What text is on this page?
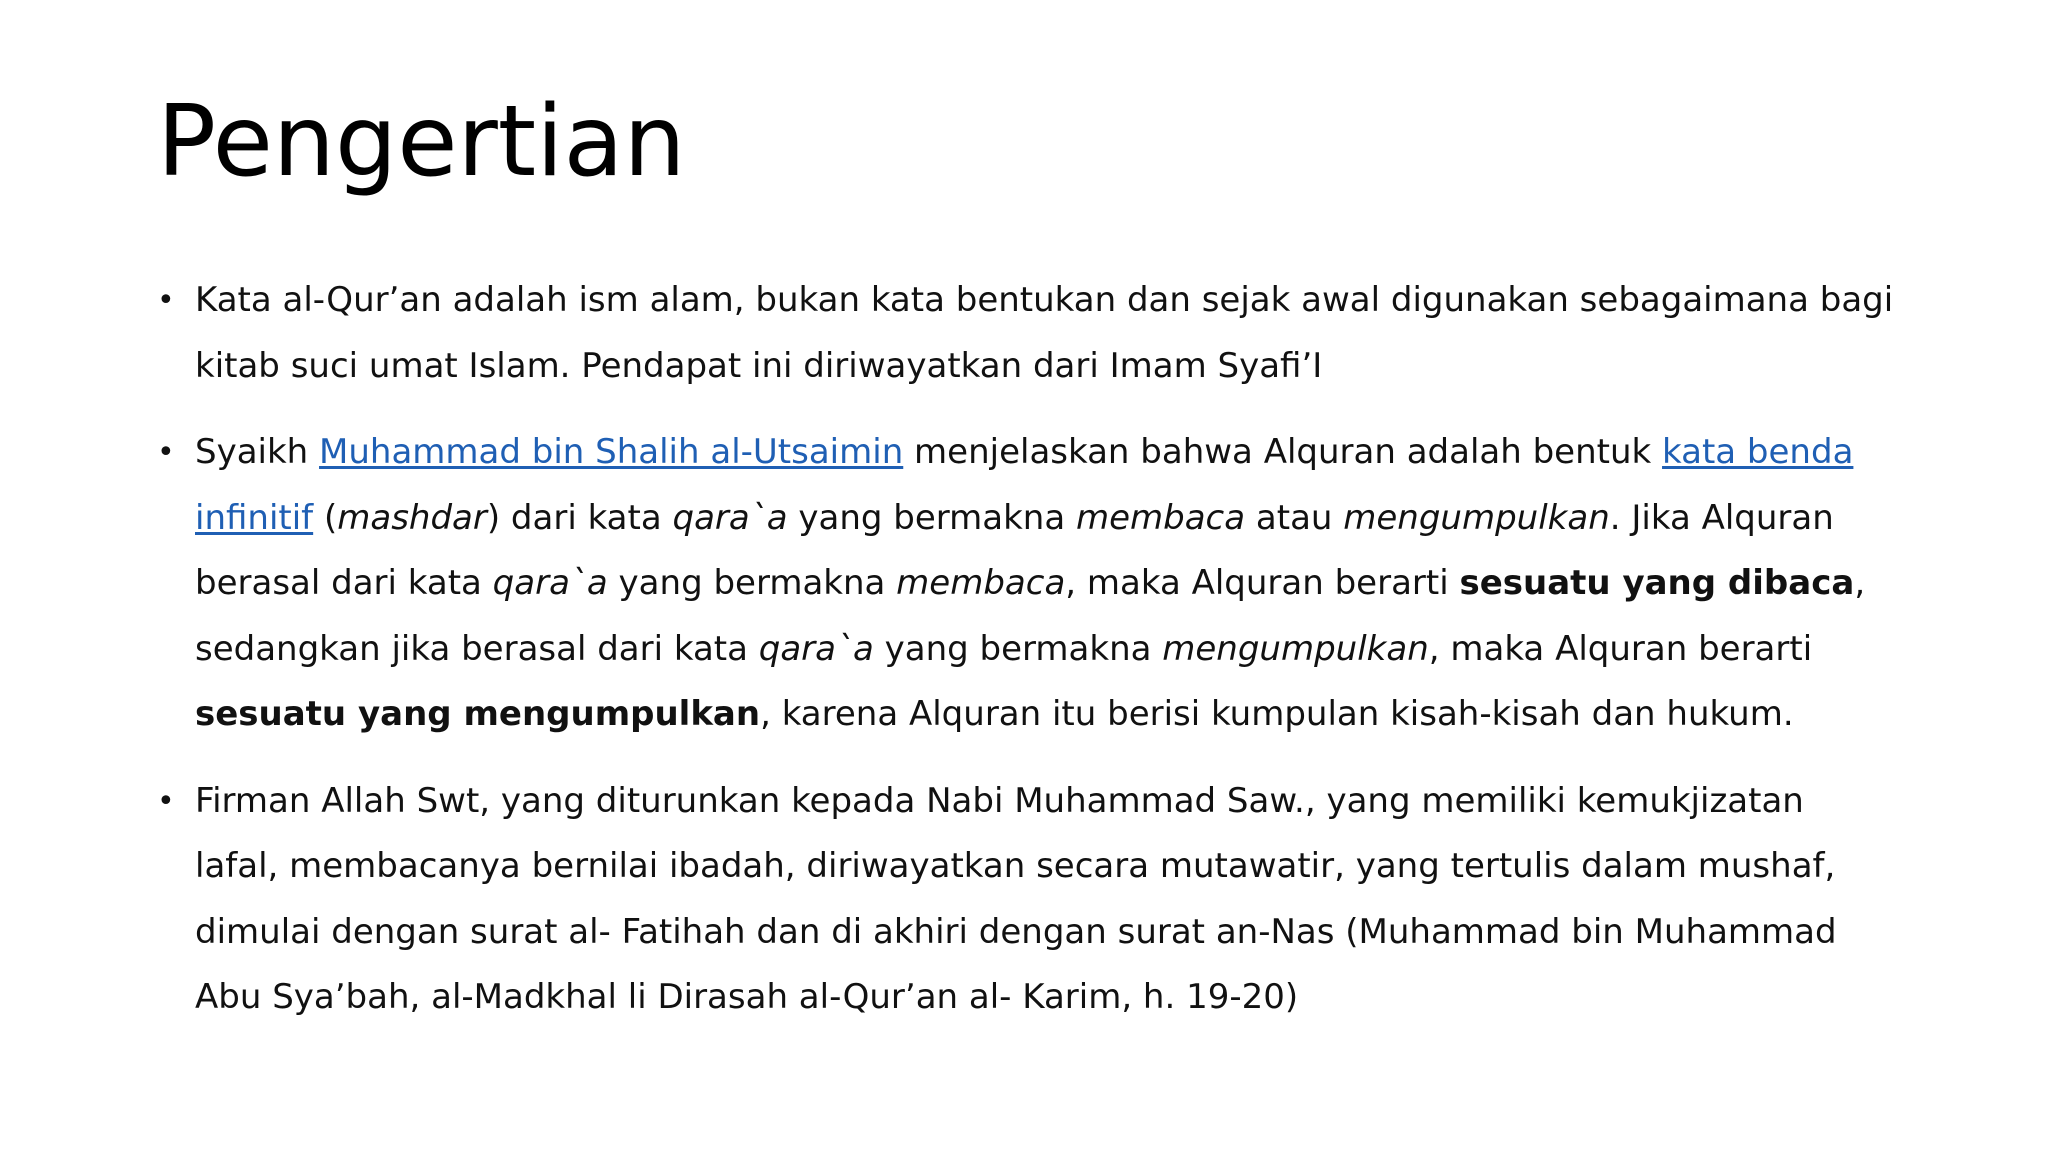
Pengertian
• Kata al-Qur’an adalah ism alam, bukan kata bentukan dan sejak awal digunakan sebagaimana bagi kitab suci umat Islam. Pendapat ini diriwayatkan dari Imam Syafi’I
• Syaikh Muhammad bin Shalih al-Utsaimin menjelaskan bahwa Alquran adalah bentuk kata benda infinitif (mashdar) dari kata qara`a yang bermakna membaca atau mengumpulkan. Jika Alquran berasal dari kata qara`a yang bermakna membaca, maka Alquran berarti sesuatu yang dibaca, sedangkan jika berasal dari kata qara`a yang bermakna mengumpulkan, maka Alquran berarti sesuatu yang mengumpulkan, karena Alquran itu berisi kumpulan kisah-kisah dan hukum.
• Firman Allah Swt, yang diturunkan kepada Nabi Muhammad Saw., yang memiliki kemukjizatan lafal, membacanya bernilai ibadah, diriwayatkan secara mutawatir, yang tertulis dalam mushaf, dimulai dengan surat al- Fatihah dan di akhiri dengan surat an-Nas (Muhammad bin Muhammad Abu Sya’bah, al-Madkhal li Dirasah al-Qur’an al- Karim, h. 19-20)
